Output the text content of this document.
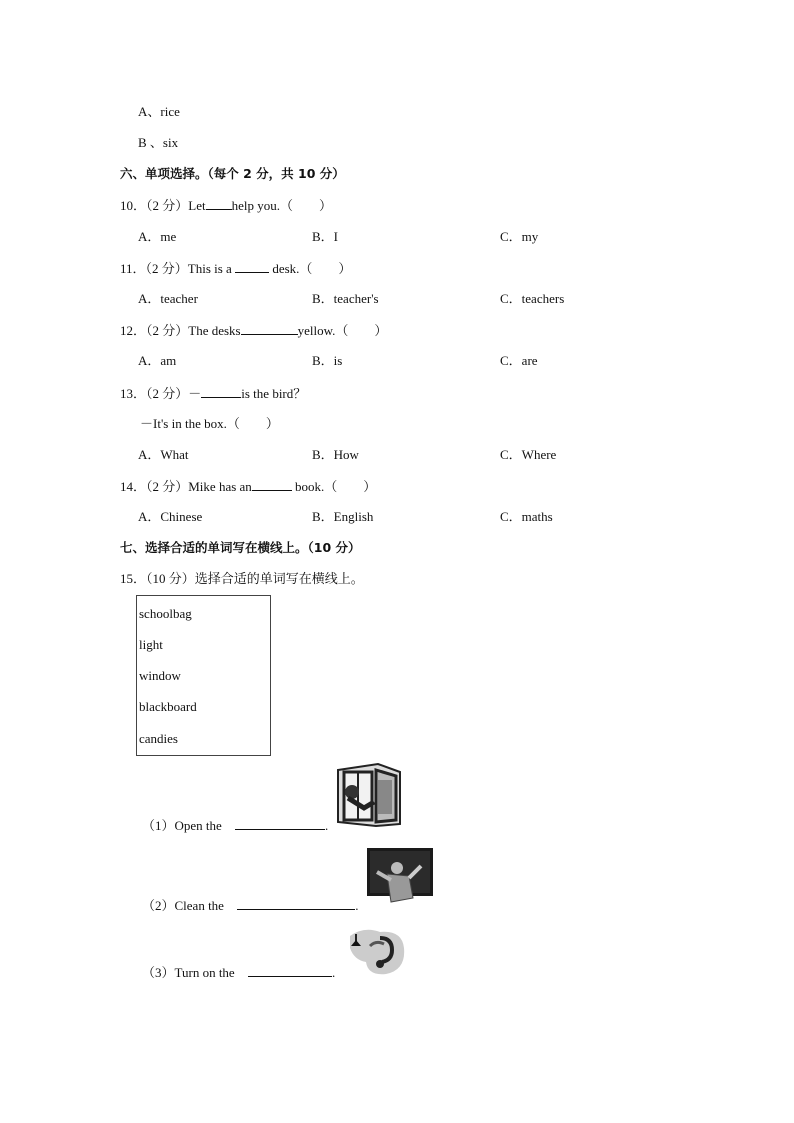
A、rice
B 、six
六、单项选择。（每个 2 分，共 10 分）
10．（2 分）Let help you.（　　）
A．me	B．I	C．my
11．（2 分）This is a	desk.（　　）
A．teacher	B．teacher's	C．teachers
12．（2 分）The desks	yellow.（　　）
A．am	B．is	C．are
13．（2 分）－	is the bird？
－It's in the box.（　　）
A．What	B．How	C．Where
14．（2 分）Mike has an	book.（　　）
A．Chinese	B．English	C．maths
七、选择合适的单词写在横线上。（10 分）
15．（10 分）选择合适的单词写在横线上。
schoolbag
light
window
blackboard
candies
（1）Open the	.
（2）Clean the	.
（3）Turn on the	.
